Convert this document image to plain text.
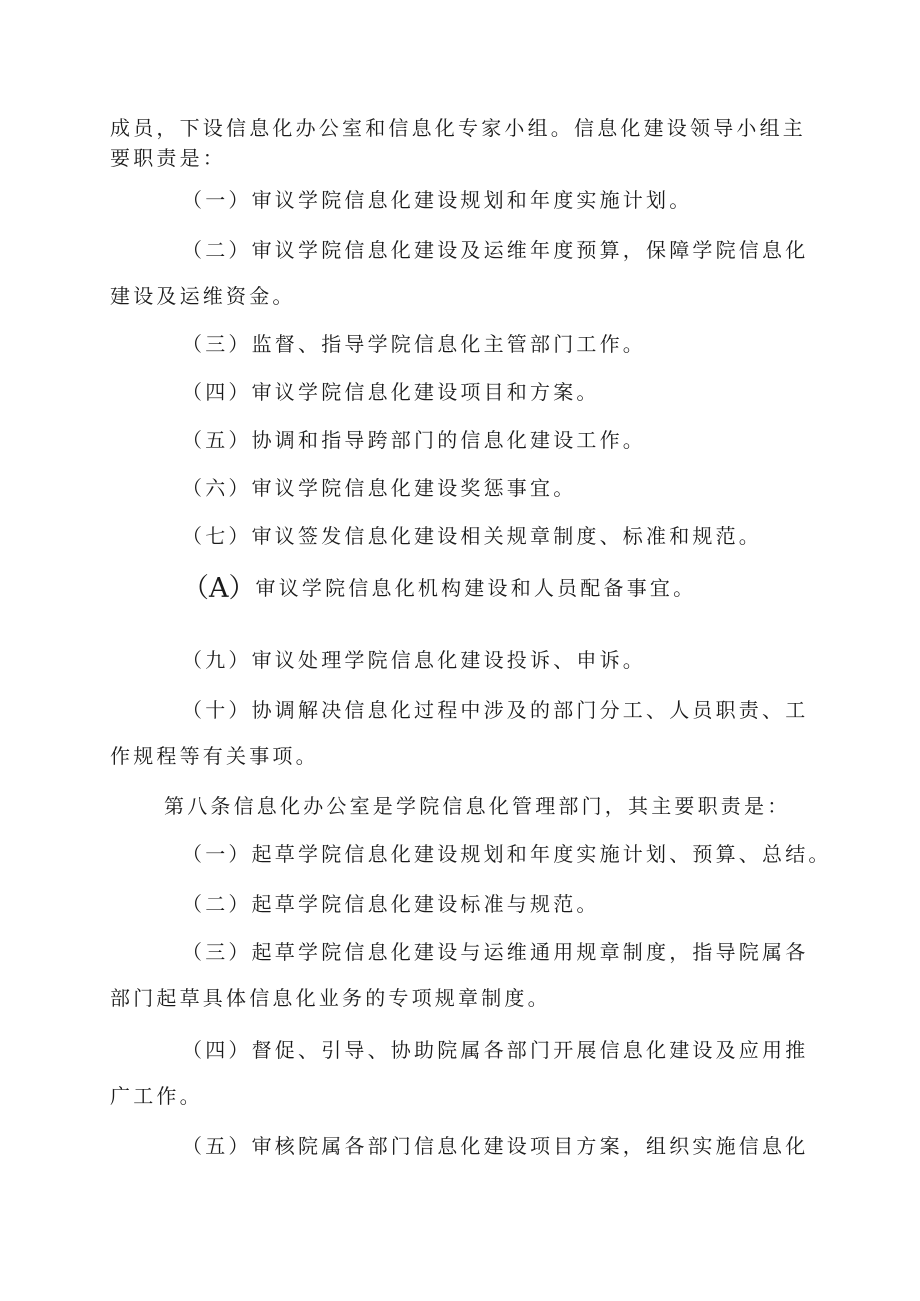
成员，下设信息化办公室和信息化专家小组。信息化建设领导小组主
要职责是：
（一）审议学院信息化建设规划和年度实施计划。
（二）审议学院信息化建设及运维年度预算，保障学院信息化
建设及运维资金。
（三）监督、指导学院信息化主管部门工作。
（四）审议学院信息化建设项目和方案。
（五）协调和指导跨部门的信息化建设工作。
（六）审议学院信息化建设奖惩事宜。
（七）审议签发信息化建设相关规章制度、标准和规范。
（A）审议学院信息化机构建设和人员配备事宜。
（九）审议处理学院信息化建设投诉、申诉。
（十）协调解决信息化过程中涉及的部门分工、人员职责、工
作规程等有关事项。
第八条信息化办公室是学院信息化管理部门，其主要职责是：
（一）起草学院信息化建设规划和年度实施计划、预算、总结。
（二）起草学院信息化建设标准与规范。
（三）起草学院信息化建设与运维通用规章制度，指导院属各
部门起草具体信息化业务的专项规章制度。
（四）督促、引导、协助院属各部门开展信息化建设及应用推
广工作。
（五）审核院属各部门信息化建设项目方案，组织实施信息化
